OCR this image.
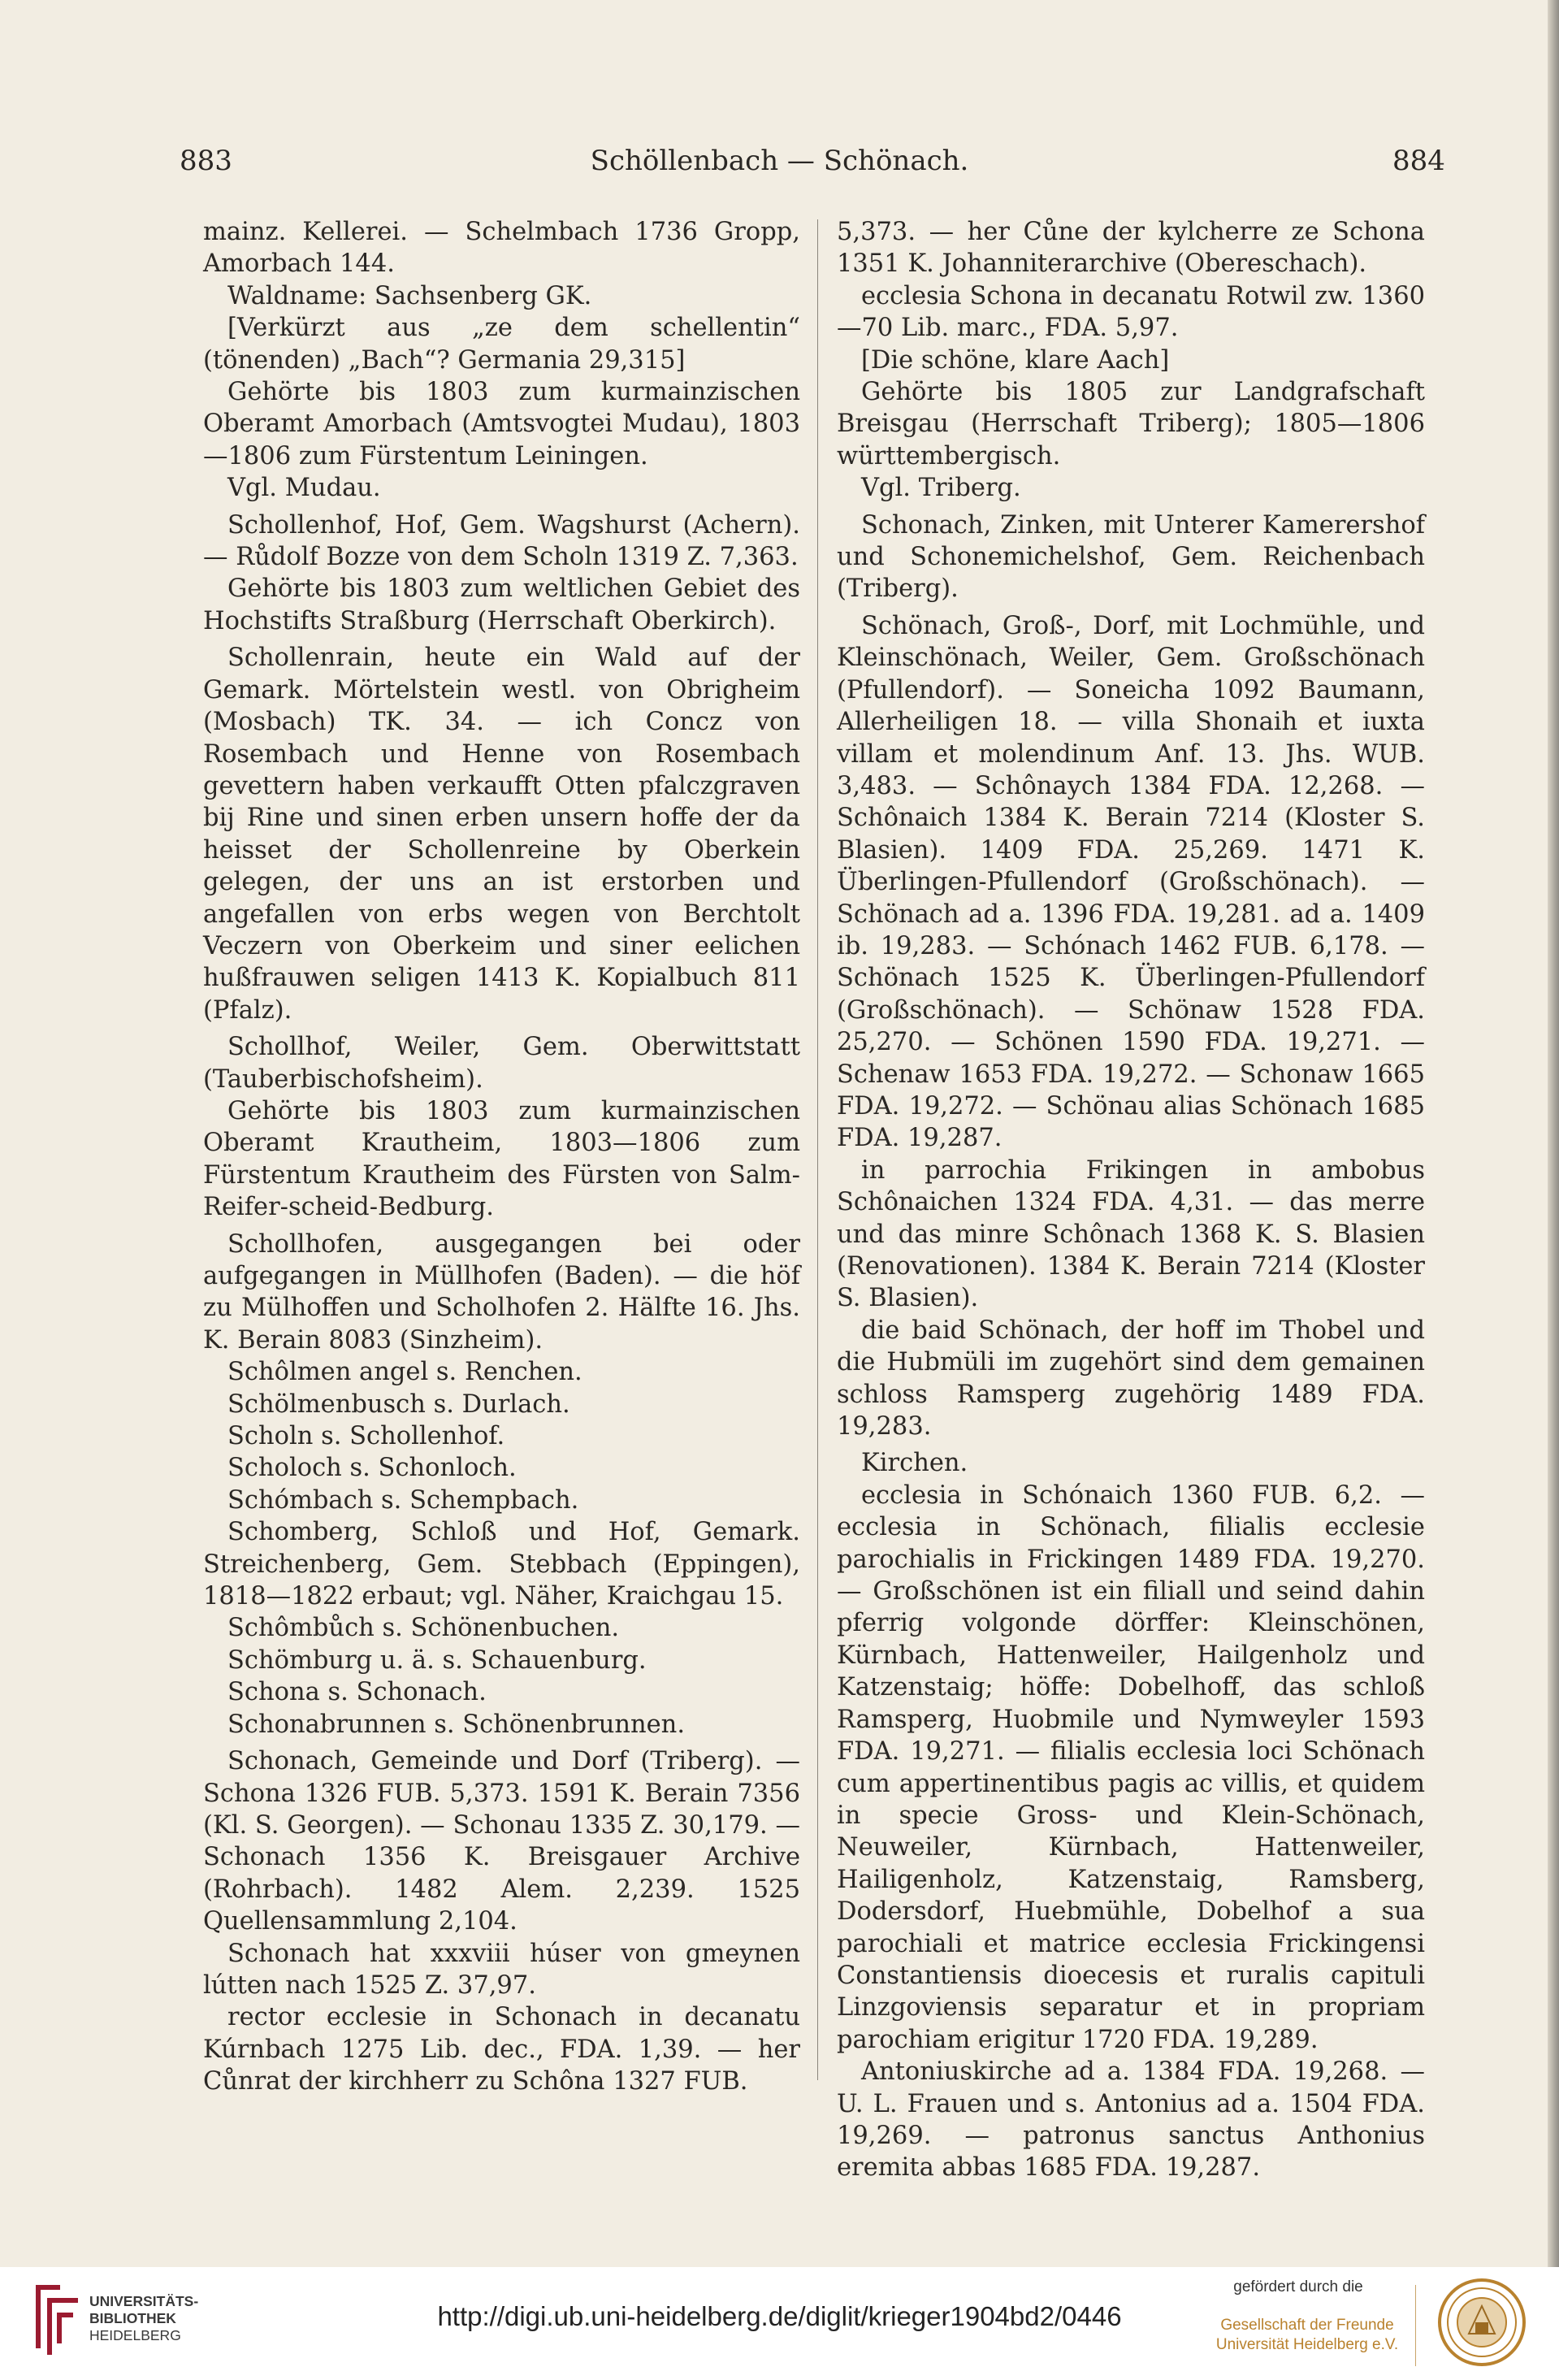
883	Schöllenbach — Schönach.	884

mainz. Kellerei. — Schelmbach 1736 Gropp, Amorbach 144.

Waldname: Sachsenberg GK.

[Verkürzt aus „ze dem schellentin“ (tönenden) „Bach“? Germania 29,315]

Gehörte bis 1803 zum kurmainzischen Oberamt Amorbach (Amtsvogtei Mudau), 1803—1806 zum Fürstentum Leiningen.

Vgl. Mudau.

Schollenhof, Hof, Gem. Wagshurst (Achern). — Růdolf Bozze von dem Scholn 1319 Z. 7,363.

Gehörte bis 1803 zum weltlichen Gebiet des Hochstifts Straßburg (Herrschaft Oberkirch).

Schollenrain, heute ein Wald auf der Gemark. Mörtelstein westl. von Obrigheim (Mosbach) TK. 34. — ich Concz von Rosembach und Henne von Rosembach gevettern haben verkaufft Otten pfalczgraven bij Rine und sinen erben unsern hoffe der da heisset der Schollenreine by Oberkein gelegen, der uns an ist erstorben und angefallen von erbs wegen von Berchtolt Veczern von Oberkeim und siner eelichen hußfrauwen seligen 1413 K. Kopialbuch 811 (Pfalz).

Schollhof, Weiler, Gem. Oberwittstatt (Tauberbischofsheim).

Gehörte bis 1803 zum kurmainzischen Oberamt Krautheim, 1803—1806 zum Fürstentum Krautheim des Fürsten von Salm-Reifer-scheid-Bedburg.

Schollhofen, ausgegangen bei oder aufgegangen in Müllhofen (Baden). — die höf zu Mülhoffen und Scholhofen 2. Hälfte 16. Jhs. K. Berain 8083 (Sinzheim).

Schôlmen angel s. Renchen.

Schölmenbusch s. Durlach.

Scholn s. Schollenhof.

Scholoch s. Schonloch.

Schómbach s. Schempbach.

Schomberg, Schloß und Hof, Gemark. Streichenberg, Gem. Stebbach (Eppingen), 1818—1822 erbaut; vgl. Näher, Kraichgau 15.

Schômbůch s. Schönenbuchen.

Schömburg u. ä. s. Schauenburg.

Schona s. Schonach.

Schonabrunnen s. Schönenbrunnen.

Schonach, Gemeinde und Dorf (Triberg). — Schona 1326 FUB. 5,373. 1591 K. Berain 7356 (Kl. S. Georgen). — Schonau 1335 Z. 30,179. — Schonach 1356 K. Breisgauer Archive (Rohrbach). 1482 Alem. 2,239. 1525 Quellensammlung 2,104.

Schonach hat xxxviii húser von gmeynen lútten nach 1525 Z. 37,97.

rector ecclesie in Schonach in decanatu Kúrnbach 1275 Lib. dec., FDA. 1,39. — her Cůnrat der kirchherr zu Schôna 1327 FUB.

5,373. — her Cůne der kylcherre ze Schona 1351 K. Johanniterarchive (Obereschach).

ecclesia Schona in decanatu Rotwil zw. 1360—70 Lib. marc., FDA. 5,97.

[Die schöne, klare Aach]

Gehörte bis 1805 zur Landgrafschaft Breisgau (Herrschaft Triberg); 1805—1806 württembergisch.

Vgl. Triberg.

Schonach, Zinken, mit Unterer Kamerershof und Schonemichelshof, Gem. Reichenbach (Triberg).

Schönach, Groß-, Dorf, mit Lochmühle, und Kleinschönach, Weiler, Gem. Großschönach (Pfullendorf). — Soneicha 1092 Baumann, Allerheiligen 18. — villa Shonaih et iuxta villam et molendinum Anf. 13. Jhs. WUB. 3,483. — Schônaych 1384 FDA. 12,268. — Schônaich 1384 K. Berain 7214 (Kloster S. Blasien). 1409 FDA. 25,269. 1471 K. Überlingen-Pfullendorf (Großschönach). — Schönach ad a. 1396 FDA. 19,281. ad a. 1409 ib. 19,283. — Schónach 1462 FUB. 6,178. — Schönach 1525 K. Überlingen-Pfullendorf (Großschönach). — Schönaw 1528 FDA. 25,270. — Schönen 1590 FDA. 19,271. — Schenaw 1653 FDA. 19,272. — Schonaw 1665 FDA. 19,272. — Schönau alias Schönach 1685 FDA. 19,287.

in parrochia Frikingen in ambobus Schônaichen 1324 FDA. 4,31. — das merre und das minre Schônach 1368 K. S. Blasien (Renovationen). 1384 K. Berain 7214 (Kloster S. Blasien).

die baid Schönach, der hoff im Thobel und die Hubmüli im zugehört sind dem gemainen schloss Ramsperg zugehörig 1489 FDA. 19,283.

Kirchen.

ecclesia in Schónaich 1360 FUB. 6,2. — ecclesia in Schönach, filialis ecclesie parochialis in Frickingen 1489 FDA. 19,270. — Großschönen ist ein filiall und seind dahin pferrig volgonde dörffer: Kleinschönen, Kürnbach, Hattenweiler, Hailgenholz und Katzenstaig; höffe: Dobelhoff, das schloß Ramsperg, Huobmile und Nymweyler 1593 FDA. 19,271. — filialis ecclesia loci Schönach cum appertinentibus pagis ac villis, et quidem in specie Gross- und Klein-Schönach, Neuweiler, Kürnbach, Hattenweiler, Hailigenholz, Katzenstaig, Ramsberg, Dodersdorf, Huebmühle, Dobelhof a sua parochiali et matrice ecclesia Frickingensi Constantiensis dioecesis et ruralis capituli Linzgoviensis separatur et in propriam parochiam erigitur 1720 FDA. 19,289.

Antoniuskirche ad a. 1384 FDA. 19,268. — U. L. Frauen und s. Antonius ad a. 1504 FDA. 19,269. — patronus sanctus Anthonius eremita abbas 1685 FDA. 19,287.

UNIVERSITÄTS-
BIBLIOTHEK
HEIDELBERG
http://digi.ub.uni-heidelberg.de/diglit/krieger1904bd2/0446
gefördert durch die
Gesellschaft der Freunde
Universität Heidelberg e.V.
